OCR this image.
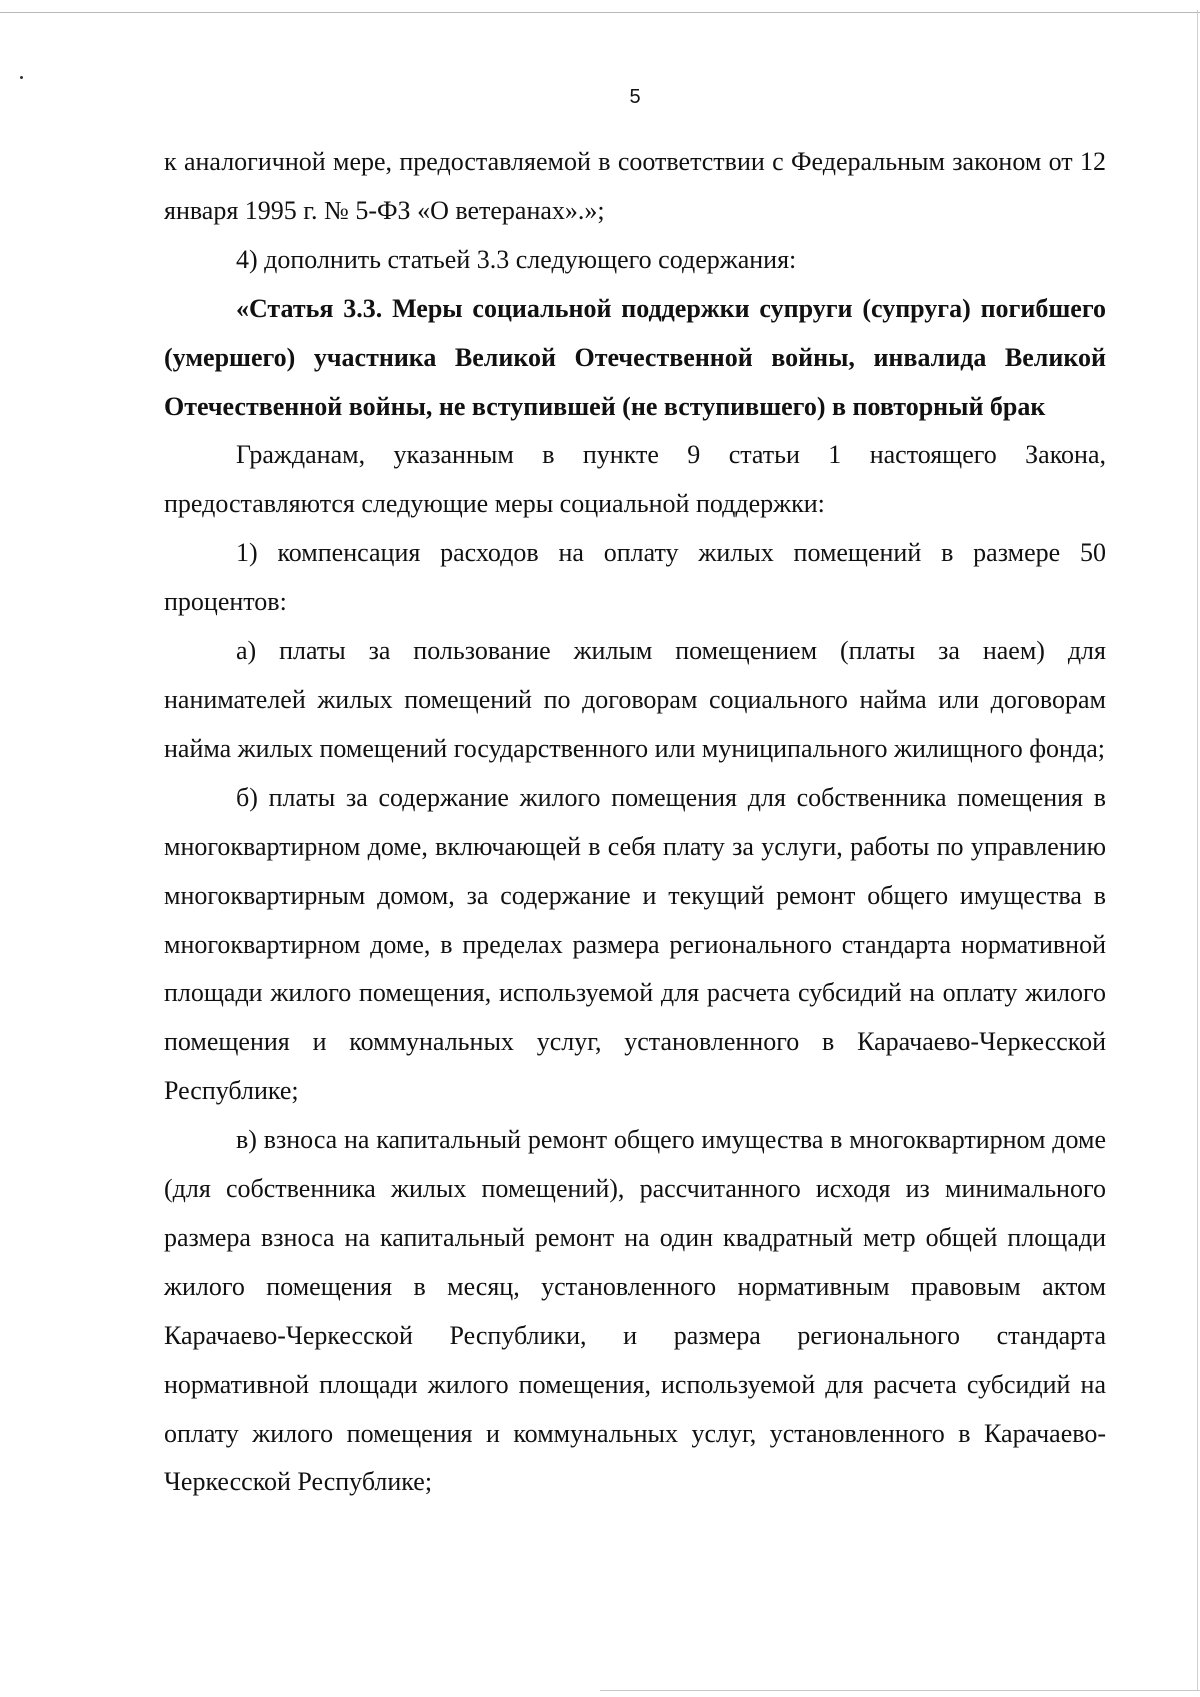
5

к аналогичной мере, предоставляемой в соответствии с Федеральным законом от 12 января 1995 г. № 5-ФЗ «О ветеранах».»;

4) дополнить статьей 3.3 следующего содержания:

«Статья 3.3. Меры социальной поддержки супруги (супруга) погибшего (умершего) участника Великой Отечественной войны, инвалида Великой Отечественной войны, не вступившей (не вступившего) в повторный брак

Гражданам, указанным в пункте 9 статьи 1 настоящего Закона, предоставляются следующие меры социальной поддержки:

1) компенсация расходов на оплату жилых помещений в размере 50 процентов:

а) платы за пользование жилым помещением (платы за наем) для нанимателей жилых помещений по договорам социального найма или договорам найма жилых помещений государственного или муниципального жилищного фонда;

б) платы за содержание жилого помещения для собственника помещения в многоквартирном доме, включающей в себя плату за услуги, работы по управлению многоквартирным домом, за содержание и текущий ремонт общего имущества в многоквартирном доме, в пределах размера регионального стандарта нормативной площади жилого помещения, используемой для расчета субсидий на оплату жилого помещения и коммунальных услуг, установленного в Карачаево-Черкесской Республике;

в) взноса на капитальный ремонт общего имущества в многоквартирном доме (для собственника жилых помещений), рассчитанного исходя из минимального размера взноса на капитальный ремонт на один квадратный метр общей площади жилого помещения в месяц, установленного нормативным правовым актом Карачаево-Черкесской Республики, и размера регионального стандарта нормативной площади жилого помещения, используемой для расчета субсидий на оплату жилого помещения и коммунальных услуг, установленного в Карачаево-Черкесской Республике;
